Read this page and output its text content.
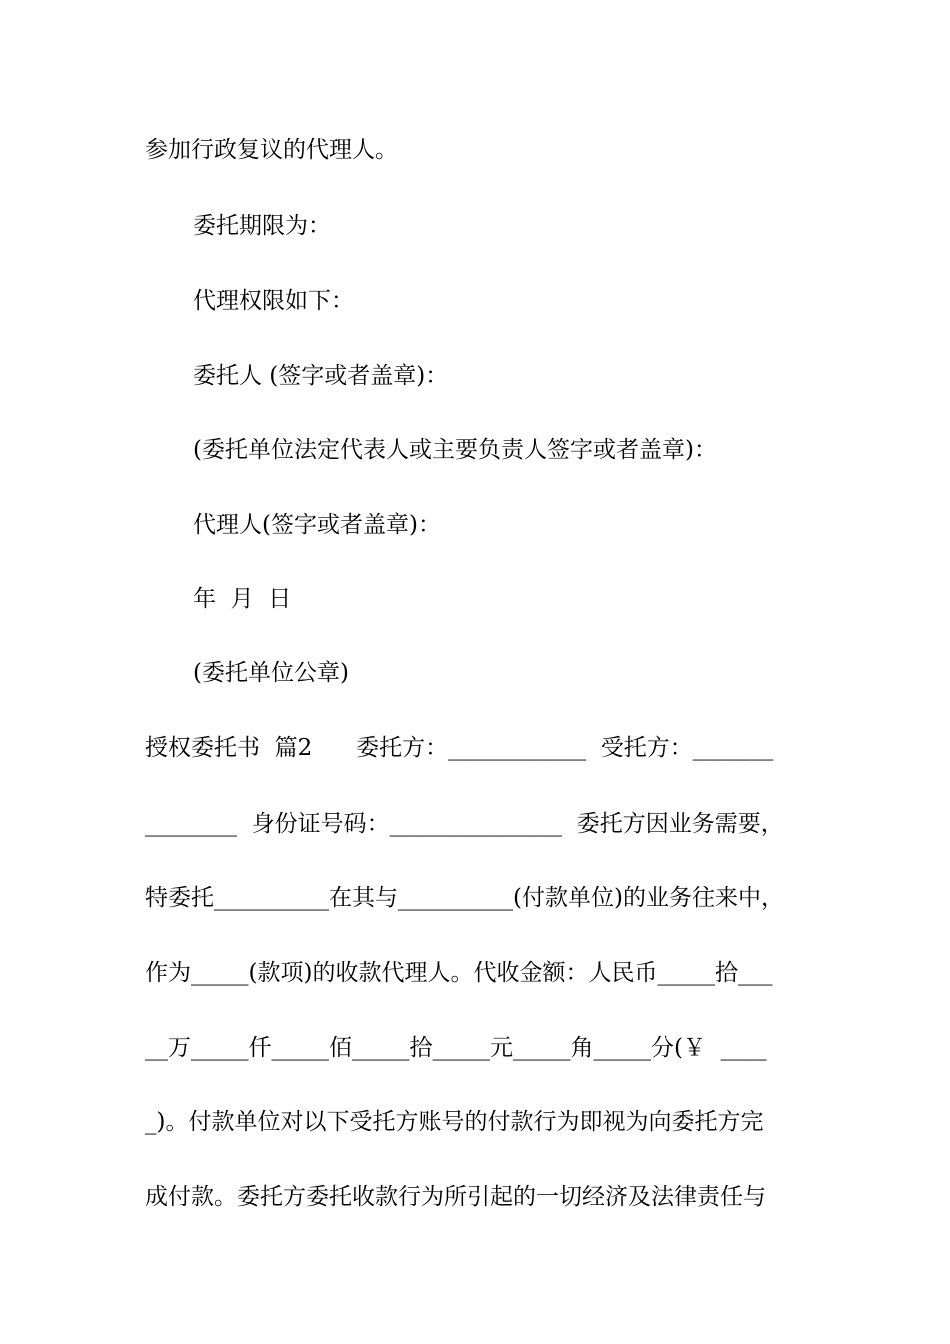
参加行政复议的代理人。

委托期限为：

代理权限如下：

委托人 (签字或者盖章)：

(委托单位法定代表人或主要负责人签字或者盖章)：

代理人(签字或者盖章)：

年  月  日

(委托单位公章)

授权委托书  篇2      委托方：____________  受托方：_______

________  身份证号码：_______________  委托方因业务需要，

特委托__________在其与__________(付款单位)的业务往来中，

作为_____(款项)的收款代理人。代收金额：人民币_____拾___

__万_____仟_____佰_____拾_____元_____角_____分(￥  ____

_)。付款单位对以下受托方账号的付款行为即视为向委托方完

成付款。委托方委托收款行为所引起的一切经济及法律责任与
